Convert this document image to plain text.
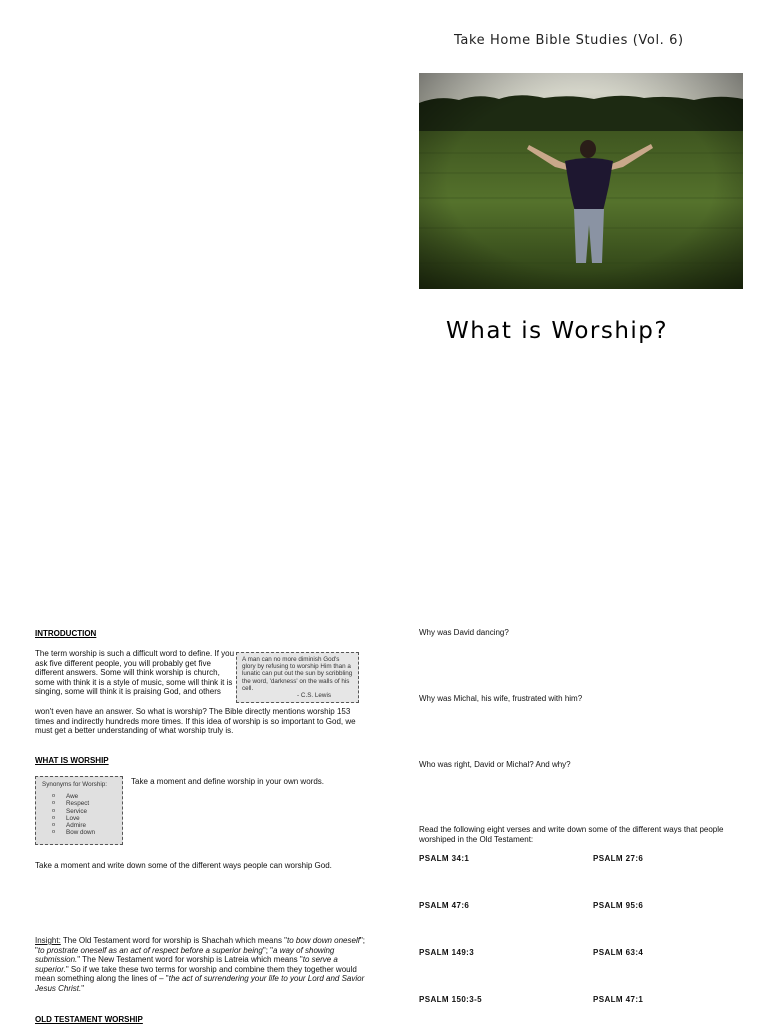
Take Home Bible Studies (Vol. 6)
What is Worship?
INTRODUCTION
The term worship is such a difficult word to define. If you ask five different people, you will probably get five different answers. Some will think worship is church, some with think it is a style of music, some will think it is singing, some will think it is praising God, and others
A man can no more diminish God's glory by refusing to worship Him than a lunatic can put out the sun by scribbling the word, 'darkness' on the walls of his cell.
- C.S. Lewis
won't even have an answer. So what is worship? The Bible directly mentions worship 153 times and indirectly hundreds more times. If this idea of worship is so important to God, we must get a better understanding of what worship truly is.
WHAT IS WORSHIP
Synonyms for Worship:
o Awe
o Respect
o Service
o Love
o Admire
o Bow down
Take a moment and define worship in your own words.
Take a moment and write down some of the different ways people can worship God.
Insight: The Old Testament word for worship is Shachah which means "to bow down oneself"; "to prostrate oneself as an act of respect before a superior being"; "a way of showing submission." The New Testament word for worship is Latreia which means "to serve a superior." So if we take these two terms for worship and combine them they together would mean something along the lines of – "the act of surrendering your life to your Lord and Savior Jesus Christ."
OLD TESTAMENT WORSHIP
Why was David dancing?
Why was Michal, his wife, frustrated with him?
Who was right, David or Michal? And why?
Read the following eight verses and write down some of the different ways that people worshiped in the Old Testament:
PSALM 34:1	PSALM 27:6
PSALM 47:6	PSALM 95:6
PSALM 149:3	PSALM 63:4
PSALM 150:3-5	PSALM 47:1
